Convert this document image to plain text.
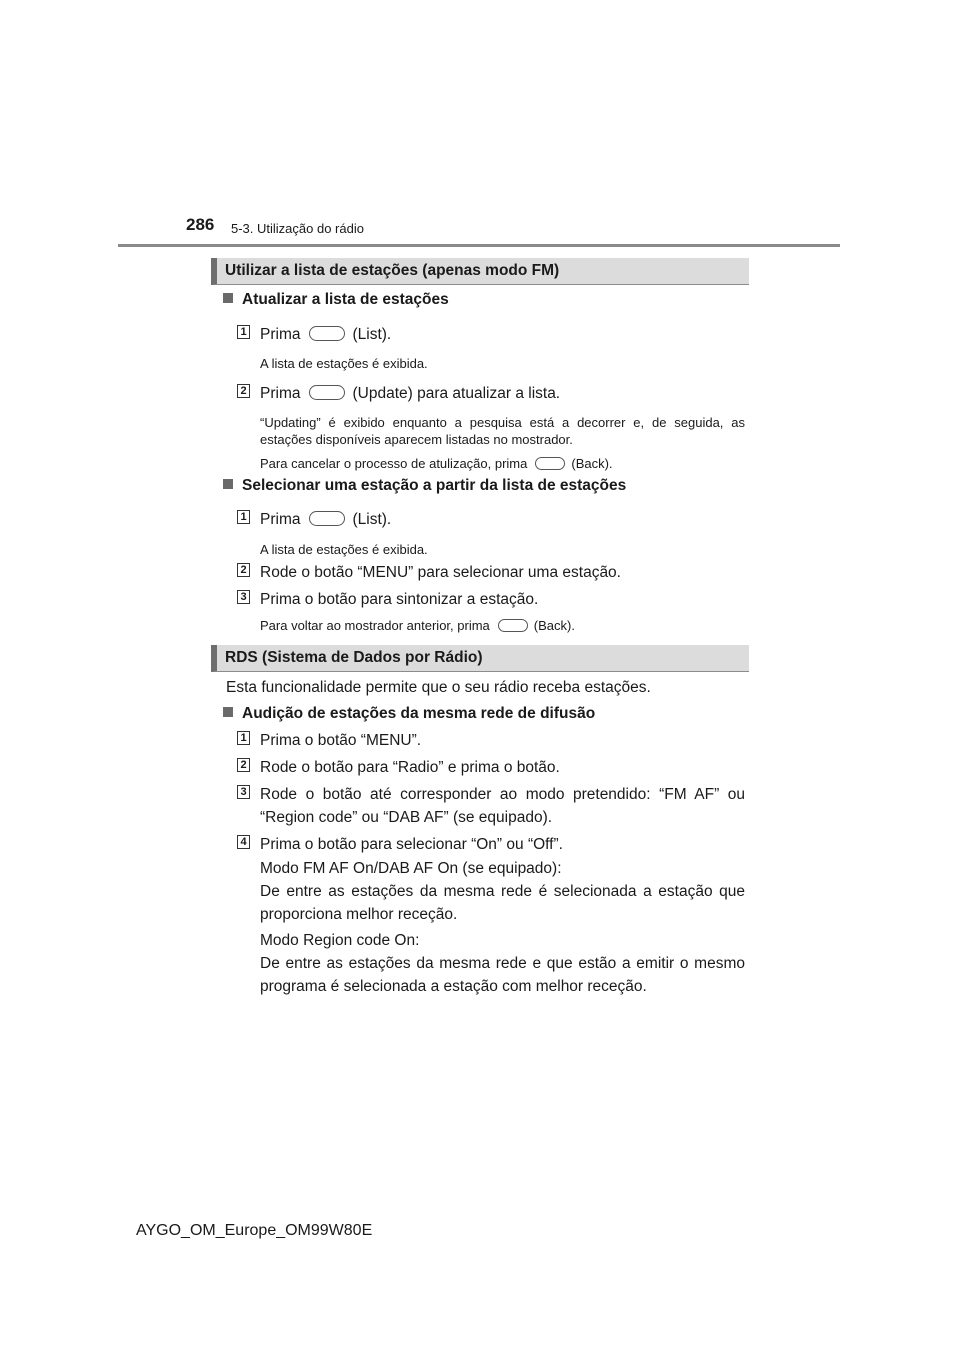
286 5-3. Utilização do rádio
Utilizar a lista de estações (apenas modo FM)
Atualizar a lista de estações
1 Prima	(List).
A lista de estações é exibida.
2 Prima	(Update) para atualizar a lista.
“Updating” é exibido enquanto a pesquisa está a decorrer e, de seguida, as estações disponíveis aparecem listadas no mostrador.
Para cancelar o processo de atulização, prima	(Back).
Selecionar uma estação a partir da lista de estações
1 Prima	(List).
A lista de estações é exibida.
2 Rode o botão “MENU” para selecionar uma estação.
3 Prima o botão para sintonizar a estação.
Para voltar ao mostrador anterior, prima	(Back).
RDS (Sistema de Dados por Rádio)
Esta funcionalidade permite que o seu rádio receba estações.
Audição de estações da mesma rede de difusão
1 Prima o botão “MENU”.
2 Rode o botão para “Radio” e prima o botão.
3 Rode o botão até corresponder ao modo pretendido: “FM AF” ou “Region code” ou “DAB AF” (se equipado).
4 Prima o botão para selecionar “On” ou “Off”.
Modo FM AF On/DAB AF On (se equipado):
De entre as estações da mesma rede é selecionada a estação que proporciona melhor receção.
Modo Region code On:
De entre as estações da mesma rede e que estão a emitir o mesmo programa é selecionada a estação com melhor receção.
AYGO_OM_Europe_OM99W80E
